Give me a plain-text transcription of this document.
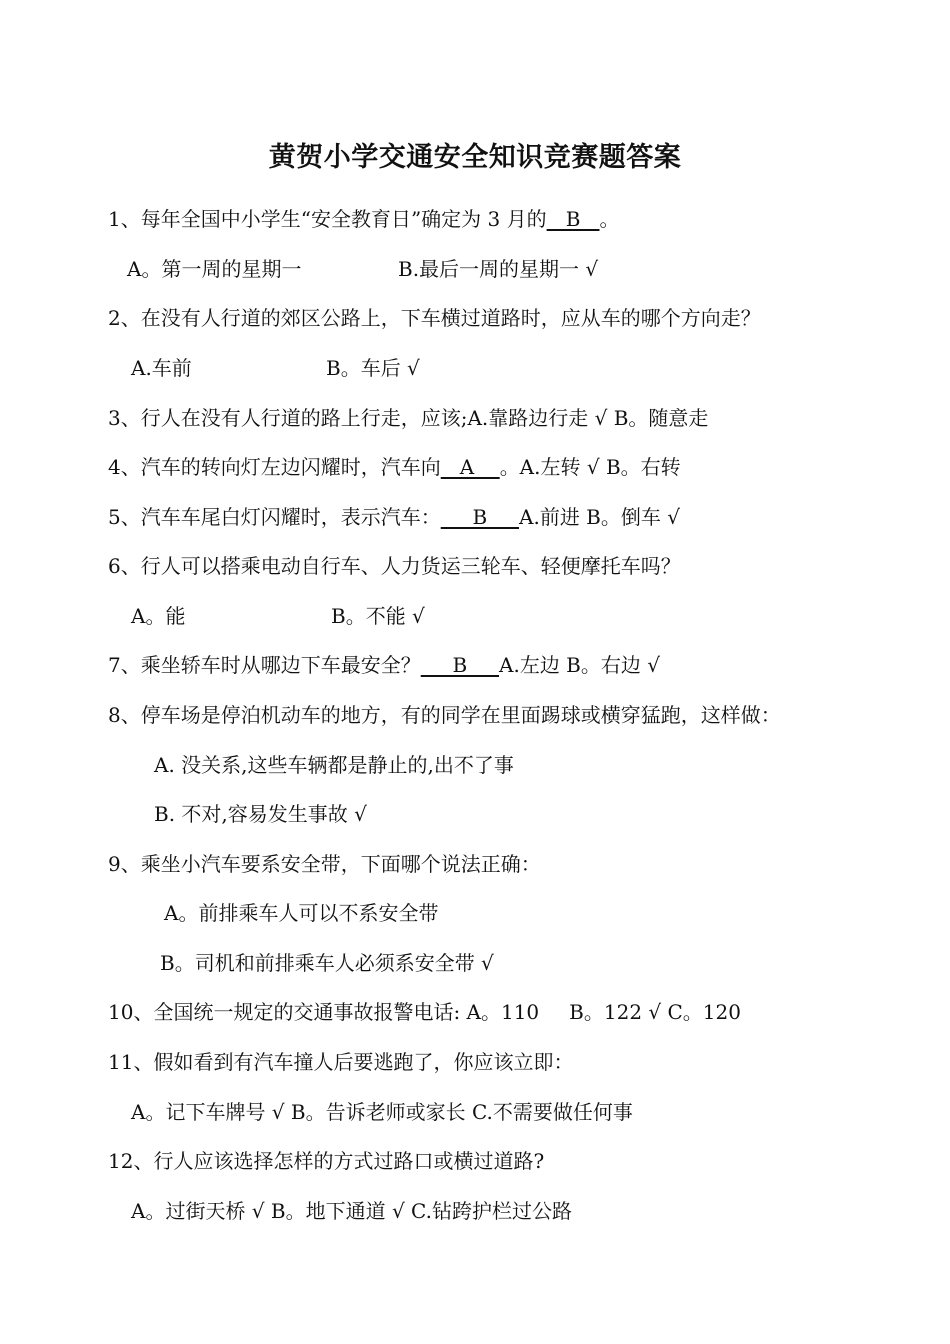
黄贺小学交通安全知识竞赛题答案
1、每年全国中小学生“安全教育日”确定为 3 月的   B   。
A。第一周的星期一	B.最后一周的星期一 √
2、在没有人行道的郊区公路上，下车横过道路时，应从车的哪个方向走？
A.车前	B。车后 √
3、行人在没有人行道的路上行走，应该;A.靠路边行走 √ B。随意走
4、汽车的转向灯左边闪耀时，汽车向   A    。A.左转 √ B。右转
5、汽车车尾白灯闪耀时，表示汽车：     B     A.前进 B。倒车 √
6、行人可以搭乘电动自行车、人力货运三轮车、轻便摩托车吗？
A。能	B。不能 √
7、乘坐轿车时从哪边下车最安全？     B     A.左边 B。右边 √
8、停车场是停泊机动车的地方，有的同学在里面踢球或横穿猛跑，这样做：
A. 没关系,这些车辆都是静止的,出不了事
B. 不对,容易发生事故 √
9、乘坐小汽车要系安全带，下面哪个说法正确：
A。前排乘车人可以不系安全带
B。司机和前排乘车人必须系安全带 √
10、全国统一规定的交通事故报警电话: A。110 B。122 √ C。120
11、假如看到有汽车撞人后要逃跑了，你应该立即：
A。记下车牌号 √ B。告诉老师或家长 C.不需要做任何事
12、行人应该选择怎样的方式过路口或横过道路?
A。过街天桥 √ B。地下通道 √ C.钻跨护栏过公路
